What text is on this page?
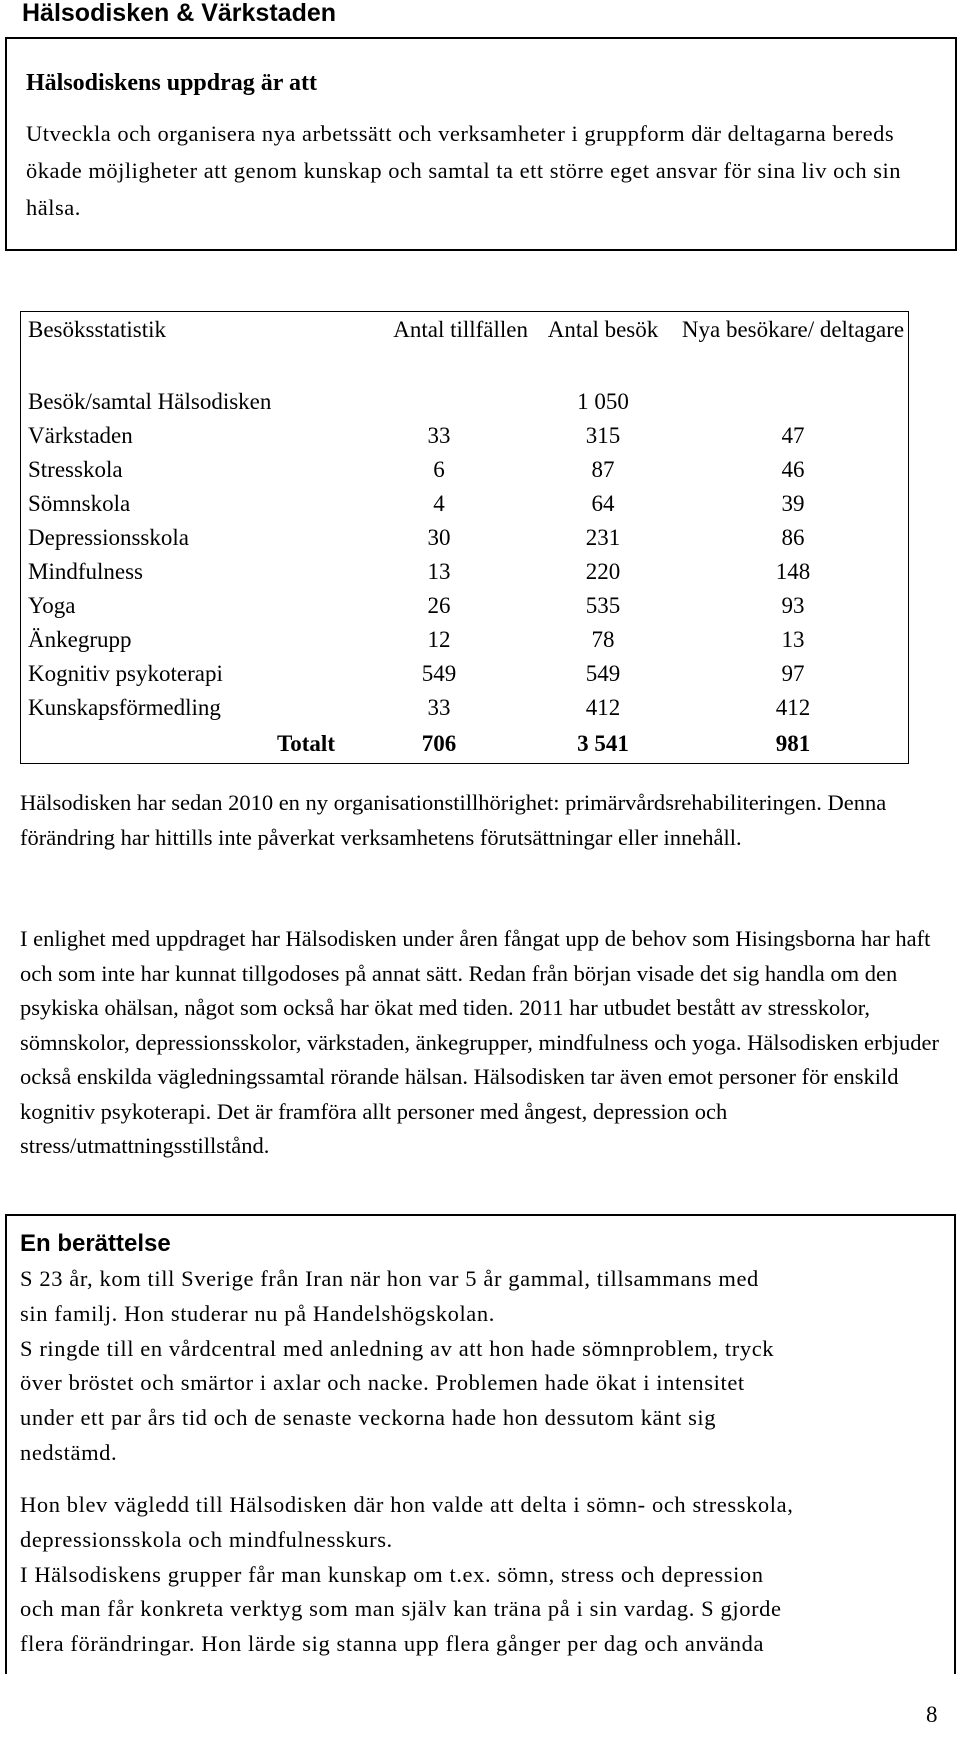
Hälsodisken & Värkstaden
Hälsodiskens uppdrag är att

Utveckla och organisera nya arbetssätt och verksamheter i gruppform där deltagarna bereds ökade möjligheter att genom kunskap och samtal ta ett större eget ansvar för sina liv och sin hälsa.

Besöksstatistik	Antal tillfällen	Antal besök	Nya besökare/ deltagare
Besök/samtal Hälsodisken		1 050	
Värkstaden	33	315	47
Stresskola	6	87	46
Sömnskola	4	64	39
Depressionsskola	30	231	86
Mindfulness	13	220	148
Yoga	26	535	93
Änkegrupp	12	78	13
Kognitiv psykoterapi	549	549	97
Kunskapsförmedling	33	412	412
Totalt	706	3 541	981

Hälsodisken har sedan 2010 en ny organisationstillhörighet: primärvårdsrehabiliteringen. Denna förändring har hittills inte påverkat verksamhetens förutsättningar eller innehåll.

I enlighet med uppdraget har Hälsodisken under åren fångat upp de behov som Hisingsborna har haft och som inte har kunnat tillgodoses på annat sätt. Redan från början visade det sig handla om den psykiska ohälsan, något som också har ökat med tiden. 2011 har utbudet bestått av stresskolor, sömnskolor, depressionsskolor, värkstaden, änkegrupper, mindfulness och yoga. Hälsodisken erbjuder också enskilda vägledningssamtal rörande hälsan. Hälsodisken tar även emot personer för enskild kognitiv psykoterapi. Det är framföra allt personer med ångest, depression och stress/utmattningsstillstånd.

En berättelse

S 23 år, kom till Sverige från Iran när hon var 5 år gammal, tillsammans med
sin familj. Hon studerar nu på Handelshögskolan.
S ringde till en vårdcentral med anledning av att hon hade sömnproblem, tryck
över bröstet och smärtor i axlar och nacke. Problemen hade ökat i intensitet
under ett par års tid och de senaste veckorna hade hon dessutom känt sig
nedstämd.

Hon blev vägledd till Hälsodisken där hon valde att delta i sömn- och stresskola,
depressionsskola och mindfulnesskurs.
I Hälsodiskens grupper får man kunskap om t.ex. sömn, stress och depression
och man får konkreta verktyg som man själv kan träna på i sin vardag. S gjorde
flera förändringar. Hon lärde sig stanna upp flera gånger per dag och använda

8
